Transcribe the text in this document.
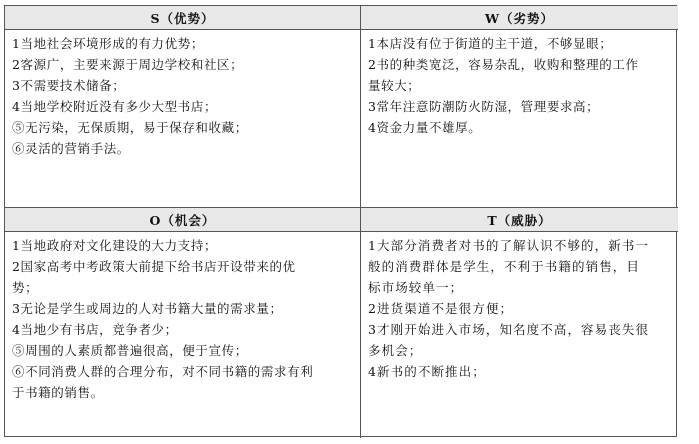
S（优势）	W（劣势）
1当地社会环境形成的有力优势；
2客源广，主要来源于周边学校和社区；
3不需要技术储备；
4当地学校附近没有多少大型书店；
⑤无污染，无保质期，易于保存和收藏；
⑥灵活的营销手法。
1本店没有位于街道的主干道，不够显眼；
2书的种类宽泛，容易杂乱，收购和整理的工作
量较大；
3常年注意防潮防火防湿，管理要求高；
4资金力量不雄厚。
O（机会）	T（威胁）
1当地政府对文化建设的大力支持；
2国家高考中考政策大前提下给书店开设带来的优
势；
3无论是学生或周边的人对书籍大量的需求量；
4当地少有书店，竞争者少；
⑤周围的人素质都普遍很高，便于宣传；
⑥不同消费人群的合理分布，对不同书籍的需求有利
于书籍的销售。
1大部分消费者对书的了解认识不够的，新书一
般的消费群体是学生，不利于书籍的销售，目
标市场较单一；
2进货渠道不是很方便；
3才刚开始进入市场，知名度不高，容易丧失很
多机会；
4新书的不断推出；
